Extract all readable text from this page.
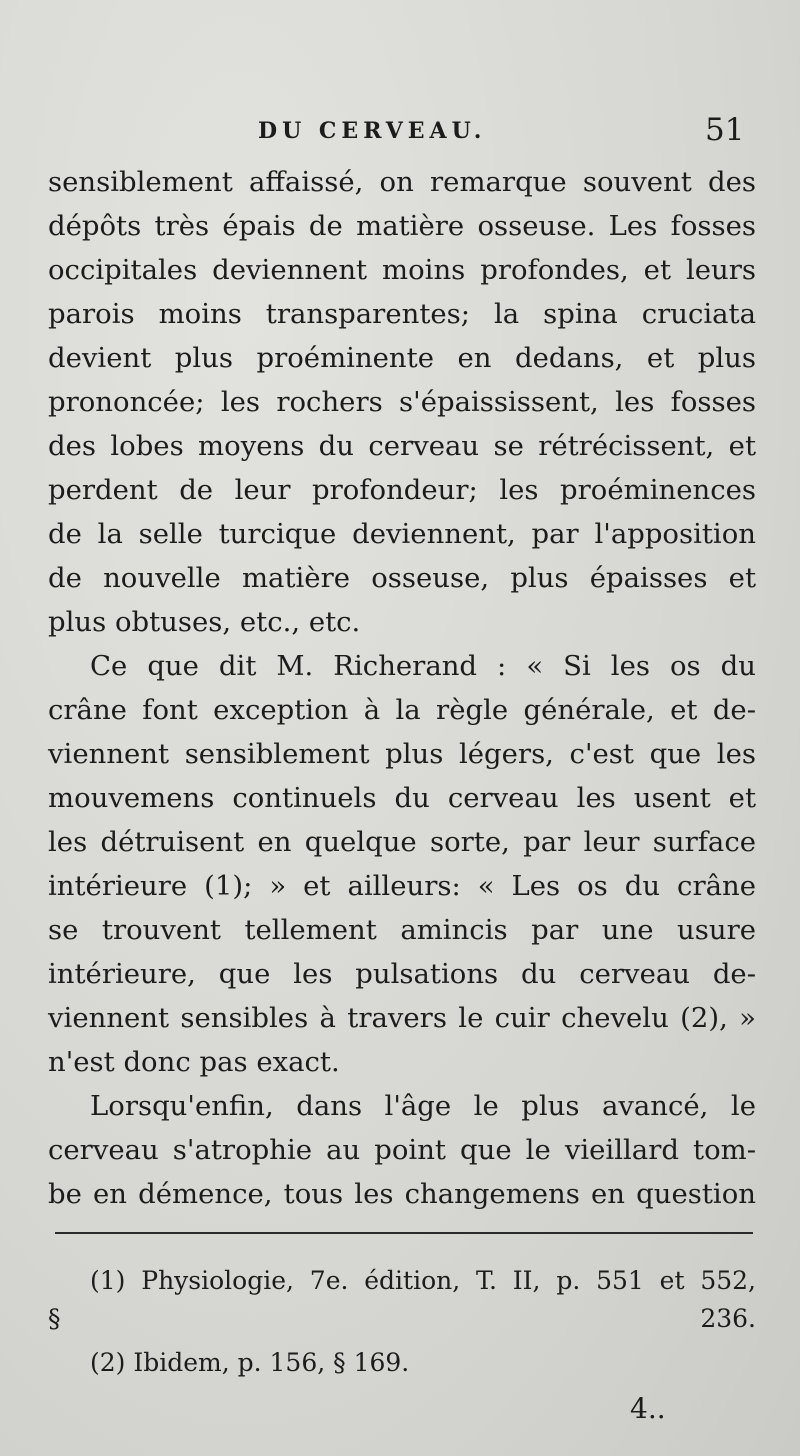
DU CERVEAU.	51

sensiblement affaissé, on remarque souvent des
dépôts très épais de matière osseuse. Les fosses
occipitales deviennent moins profondes, et leurs
parois moins transparentes; la spina cruciata
devient plus proéminente en dedans, et plus
prononcée; les rochers s'épaississent, les fosses
des lobes moyens du cerveau se rétrécissent, et
perdent de leur profondeur; les proéminences
de la selle turcique deviennent, par l'apposition
de nouvelle matière osseuse, plus épaisses et
plus obtuses, etc., etc.

Ce que dit M. Richerand : « Si les os du
crâne font exception à la règle générale, et de-
viennent sensiblement plus légers, c'est que les
mouvemens continuels du cerveau les usent et
les détruisent en quelque sorte, par leur surface
intérieure (1); » et ailleurs: « Les os du crâne
se trouvent tellement amincis par une usure
intérieure, que les pulsations du cerveau de-
viennent sensibles à travers le cuir chevelu (2), »
n'est donc pas exact.

Lorsqu'enfin, dans l'âge le plus avancé, le
cerveau s'atrophie au point que le vieillard tom-
be en démence, tous les changemens en question

(1) Physiologie, 7e. édition, T. II, p. 551 et 552,
§ 236.

(2) Ibidem, p. 156, § 169.

4..
